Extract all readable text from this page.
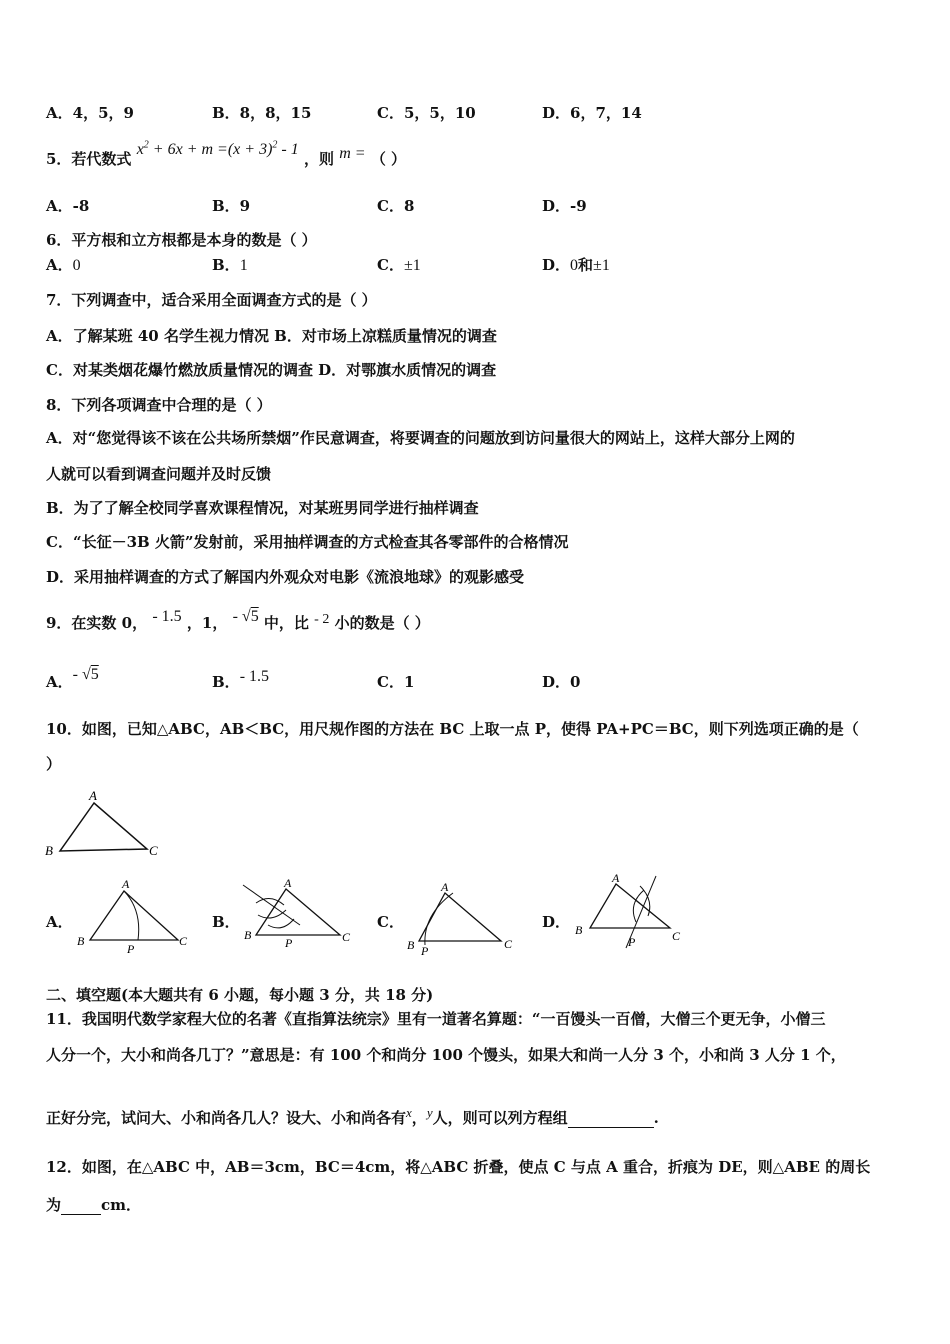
A．4，5，9	B．8，8，15	C．5，5，10	D．6，7，14
5．若代数式 $x^2 + 6x + m =(x + 3)^2 - 1$ ，则 m = （ ）
A．-8	B．9	C．8	D．-9
6．平方根和立方根都是本身的数是（ ）
A．0	B．1	C．±1	D．0和±1
7．下列调查中，适合采用全面调查方式的是（ ）
A．了解某班 40 名学生视力情况 B．对市场上凉糕质量情况的调查
C．对某类烟花爆竹燃放质量情况的调查 D．对鄂旗水质情况的调查
8．下列各项调查中合理的是（ ）
A．对“您觉得该不该在公共场所禁烟”作民意调查，将要调查的问题放到访问量很大的网站上，这样大部分上网的
人就可以看到调查问题并及时反馈
B．为了了解全校同学喜欢课程情况，对某班男同学进行抽样调查
C．“长征－3B 火箭”发射前，采用抽样调查的方式检查其各零部件的合格情况
D．采用抽样调查的方式了解国内外观众对电影《流浪地球》的观影感受
9．在实数 0， - 1.5 ，1， - √5 中，比 - 2 小的数是（ ）
A．- √5	B．- 1.5	C．1	D．0
10．如图，已知△ABC，AB＜BC，用尺规作图的方法在 BC 上取一点 P，使得 PA+PC＝BC，则下列选项正确的是（
）
A
B	C
A．
A
B	C
P
B．
A
B	C
P
C．
A
B	C
P
D．
A
B	C
P
二、填空题(本大题共有 6 小题，每小题 3 分，共 18 分)
11．我国明代数学家程大位的名著《直指算法统宗》里有一道著名算题：“一百馒头一百僧，大僧三个更无争，小僧三
人分一个，大小和尚各几丁？”意思是：有 100 个和尚分 100 个馒头，如果大和尚一人分 3 个，小和尚 3 人分 1 个，
正好分完，试问大、小和尚各几人？设大、小和尚各有x，y人，则可以列方程组	.
12．如图，在△ABC 中，AB＝3cm，BC＝4cm，将△ABC 折叠，使点 C 与点 A 重合，折痕为 DE，则△ABE 的周长
为	cm．
